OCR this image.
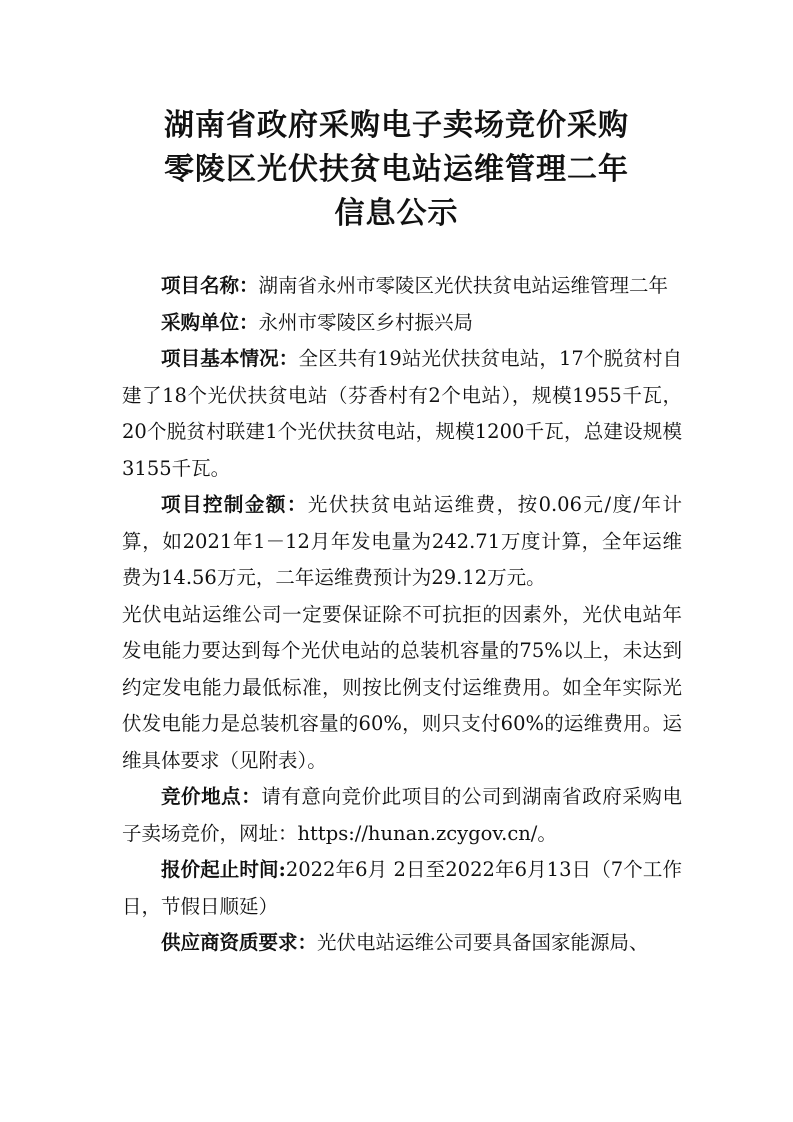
湖南省政府采购电子卖场竞价采购
零陵区光伏扶贫电站运维管理二年
信息公示

项目名称：湖南省永州市零陵区光伏扶贫电站运维管理二年

采购单位：永州市零陵区乡村振兴局

项目基本情况：全区共有19站光伏扶贫电站，17个脱贫村自建了18个光伏扶贫电站（芬香村有2个电站），规模1955千瓦，20个脱贫村联建1个光伏扶贫电站，规模1200千瓦，总建设规模3155千瓦。

项目控制金额：光伏扶贫电站运维费，按0.06元/度/年计算，如2021年1－12月年发电量为242.71万度计算，全年运维费为14.56万元，二年运维费预计为29.12万元。

光伏电站运维公司一定要保证除不可抗拒的因素外，光伏电站年发电能力要达到每个光伏电站的总装机容量的75%以上，未达到约定发电能力最低标准，则按比例支付运维费用。如全年实际光伏发电能力是总装机容量的60%，则只支付60%的运维费用。运维具体要求（见附表）。

竞价地点：请有意向竞价此项目的公司到湖南省政府采购电子卖场竞价，网址：https://hunan.zcygov.cn/。

报价起止时间:2022年6月 2日至2022年6月13日（7个工作日，节假日顺延）

供应商资质要求：光伏电站运维公司要具备国家能源局、
